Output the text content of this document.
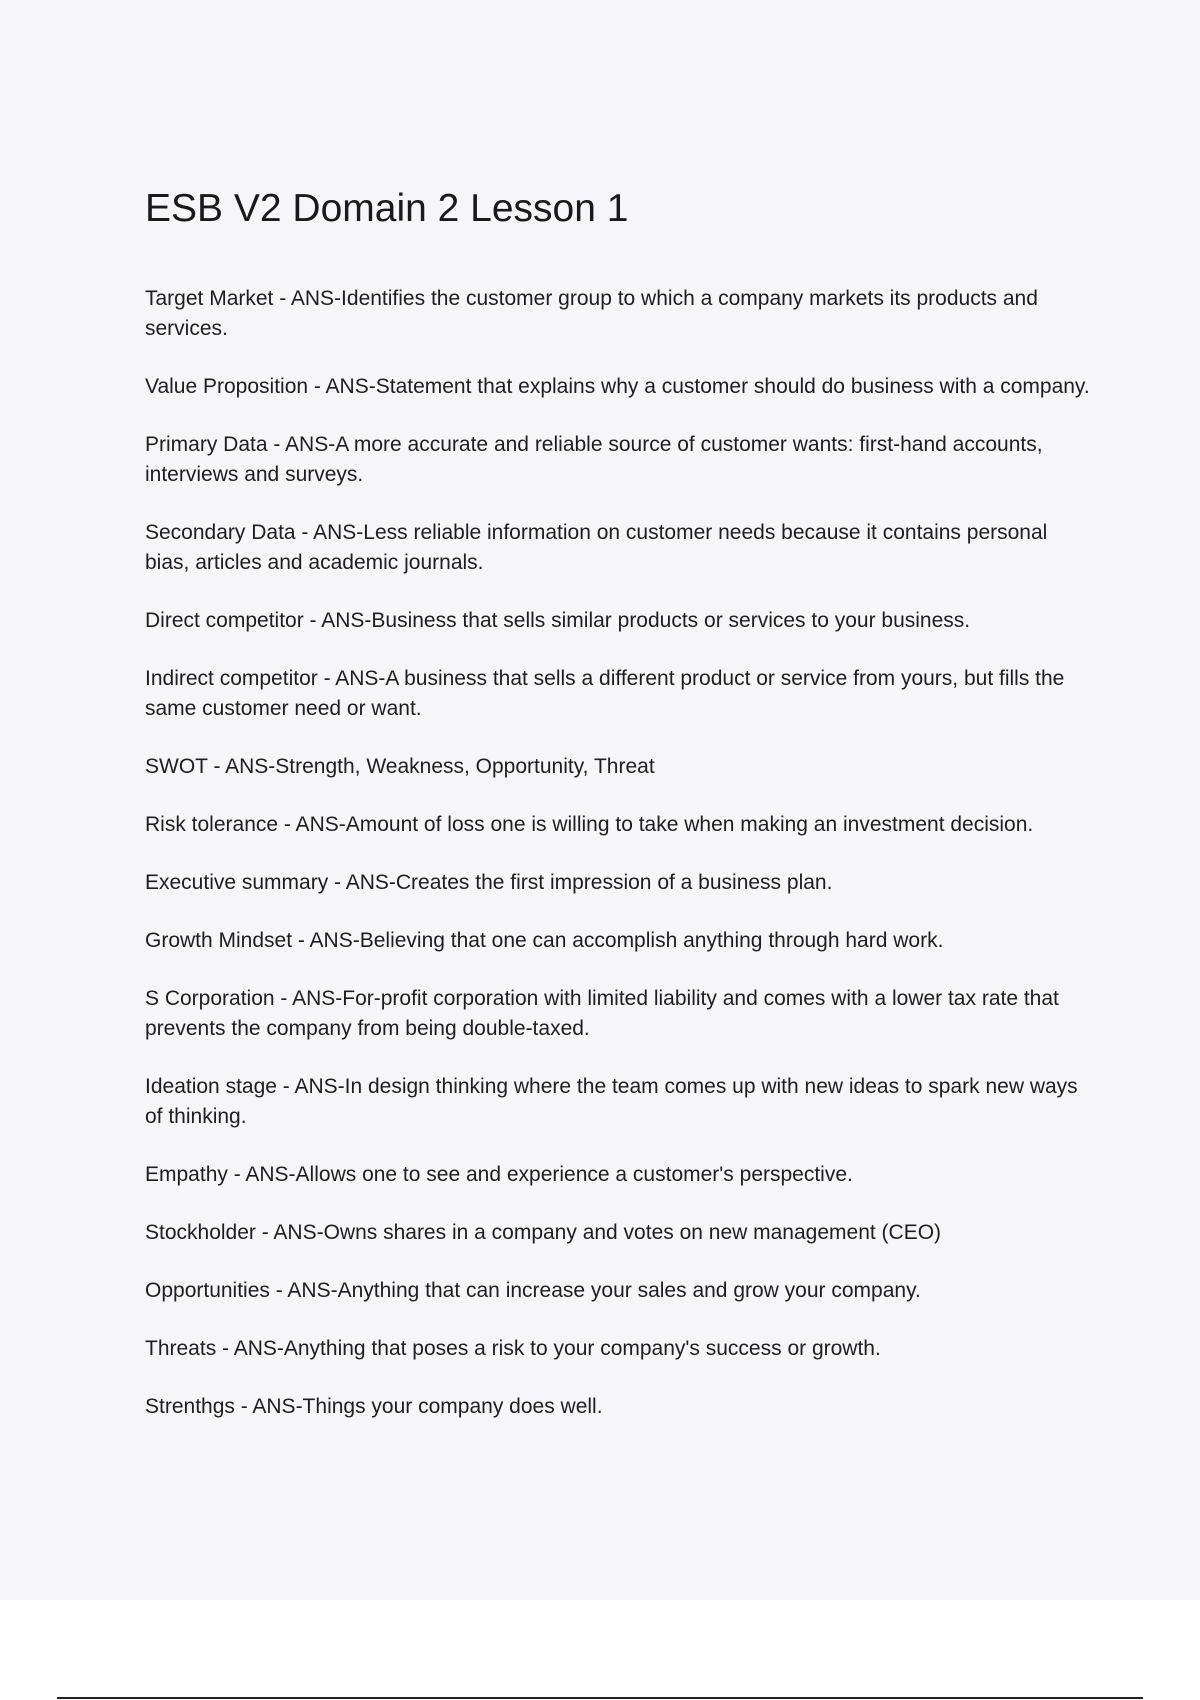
ESB V2 Domain 2 Lesson 1

Target Market - ANS-Identifies the customer group to which a company markets its products and services.

Value Proposition - ANS-Statement that explains why a customer should do business with a company.

Primary Data - ANS-A more accurate and reliable source of customer wants: first-hand accounts, interviews and surveys.

Secondary Data - ANS-Less reliable information on customer needs because it contains personal bias, articles and academic journals.

Direct competitor - ANS-Business that sells similar products or services to your business.

Indirect competitor - ANS-A business that sells a different product or service from yours, but fills the same customer need or want.

SWOT - ANS-Strength, Weakness, Opportunity, Threat

Risk tolerance - ANS-Amount of loss one is willing to take when making an investment decision.

Executive summary - ANS-Creates the first impression of a business plan.

Growth Mindset - ANS-Believing that one can accomplish anything through hard work.

S Corporation - ANS-For-profit corporation with limited liability and comes with a lower tax rate that prevents the company from being double-taxed.

Ideation stage - ANS-In design thinking where the team comes up with new ideas to spark new ways of thinking.

Empathy - ANS-Allows one to see and experience a customer's perspective.

Stockholder - ANS-Owns shares in a company and votes on new management (CEO)

Opportunities - ANS-Anything that can increase your sales and grow your company.

Threats - ANS-Anything that poses a risk to your company's success or growth.

Strenthgs - ANS-Things your company does well.
